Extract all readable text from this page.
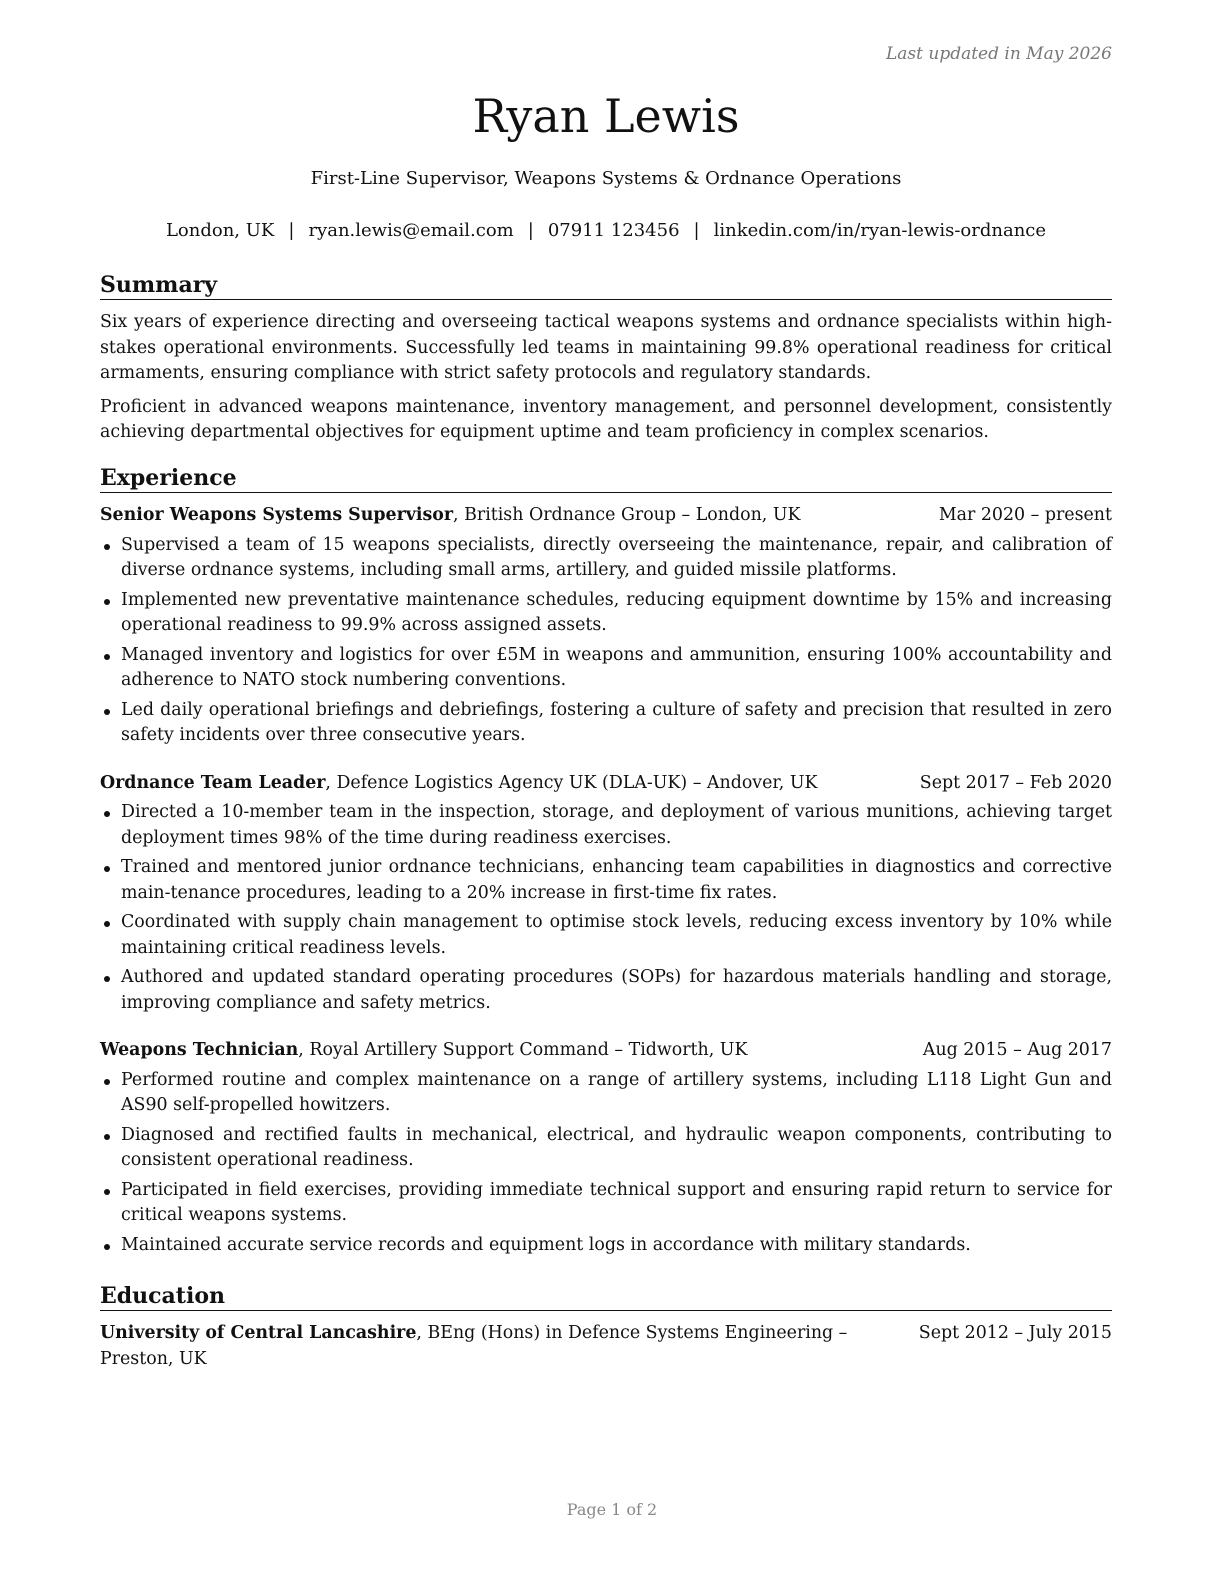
Last updated in May 2026
Ryan Lewis
First-Line Supervisor, Weapons Systems & Ordnance Operations
London, UK | ryan.lewis@email.com | 07911 123456 | linkedin.com/in/ryan-lewis-ordnance
Summary

Six years of experience directing and overseeing tactical weapons systems and ordnance specialists within high-stakes operational environments. Successfully led teams in maintaining 99.8% operational readiness for critical armaments, ensuring compliance with strict safety protocols and regulatory standards.

Proficient in advanced weapons maintenance, inventory management, and personnel development, consistently achieving departmental objectives for equipment uptime and team proficiency in complex scenarios.

Experience
Senior Weapons Systems Supervisor, British Ordnance Group – London, UK	Mar 2020 – present
Supervised a team of 15 weapons specialists, directly overseeing the maintenance, repair, and calibration of diverse ordnance systems, including small arms, artillery, and guided missile platforms.
Implemented new preventative maintenance schedules, reducing equipment downtime by 15% and increasing operational readiness to 99.9% across assigned assets.
Managed inventory and logistics for over £5M in weapons and ammunition, ensuring 100% accountability and adherence to NATO stock numbering conventions.
Led daily operational briefings and debriefings, fostering a culture of safety and precision that resulted in zero safety incidents over three consecutive years.
Ordnance Team Leader, Defence Logistics Agency UK (DLA-UK) – Andover, UK	Sept 2017 – Feb 2020
Directed a 10-member team in the inspection, storage, and deployment of various munitions, achieving target deployment times 98% of the time during readiness exercises.
Trained and mentored junior ordnance technicians, enhancing team capabilities in diagnostics and corrective main-tenance procedures, leading to a 20% increase in first-time fix rates.
Coordinated with supply chain management to optimise stock levels, reducing excess inventory by 10% while maintaining critical readiness levels.
Authored and updated standard operating procedures (SOPs) for hazardous materials handling and storage, improving compliance and safety metrics.
Weapons Technician, Royal Artillery Support Command – Tidworth, UK	Aug 2015 – Aug 2017
Performed routine and complex maintenance on a range of artillery systems, including L118 Light Gun and AS90 self-propelled howitzers.
Diagnosed and rectified faults in mechanical, electrical, and hydraulic weapon components, contributing to consistent operational readiness.
Participated in field exercises, providing immediate technical support and ensuring rapid return to service for critical weapons systems.
Maintained accurate service records and equipment logs in accordance with military standards.
Education
University of Central Lancashire, BEng (Hons) in Defence Systems Engineering – Preston, UK
Sept 2012 – July 2015
Page 1 of 2
